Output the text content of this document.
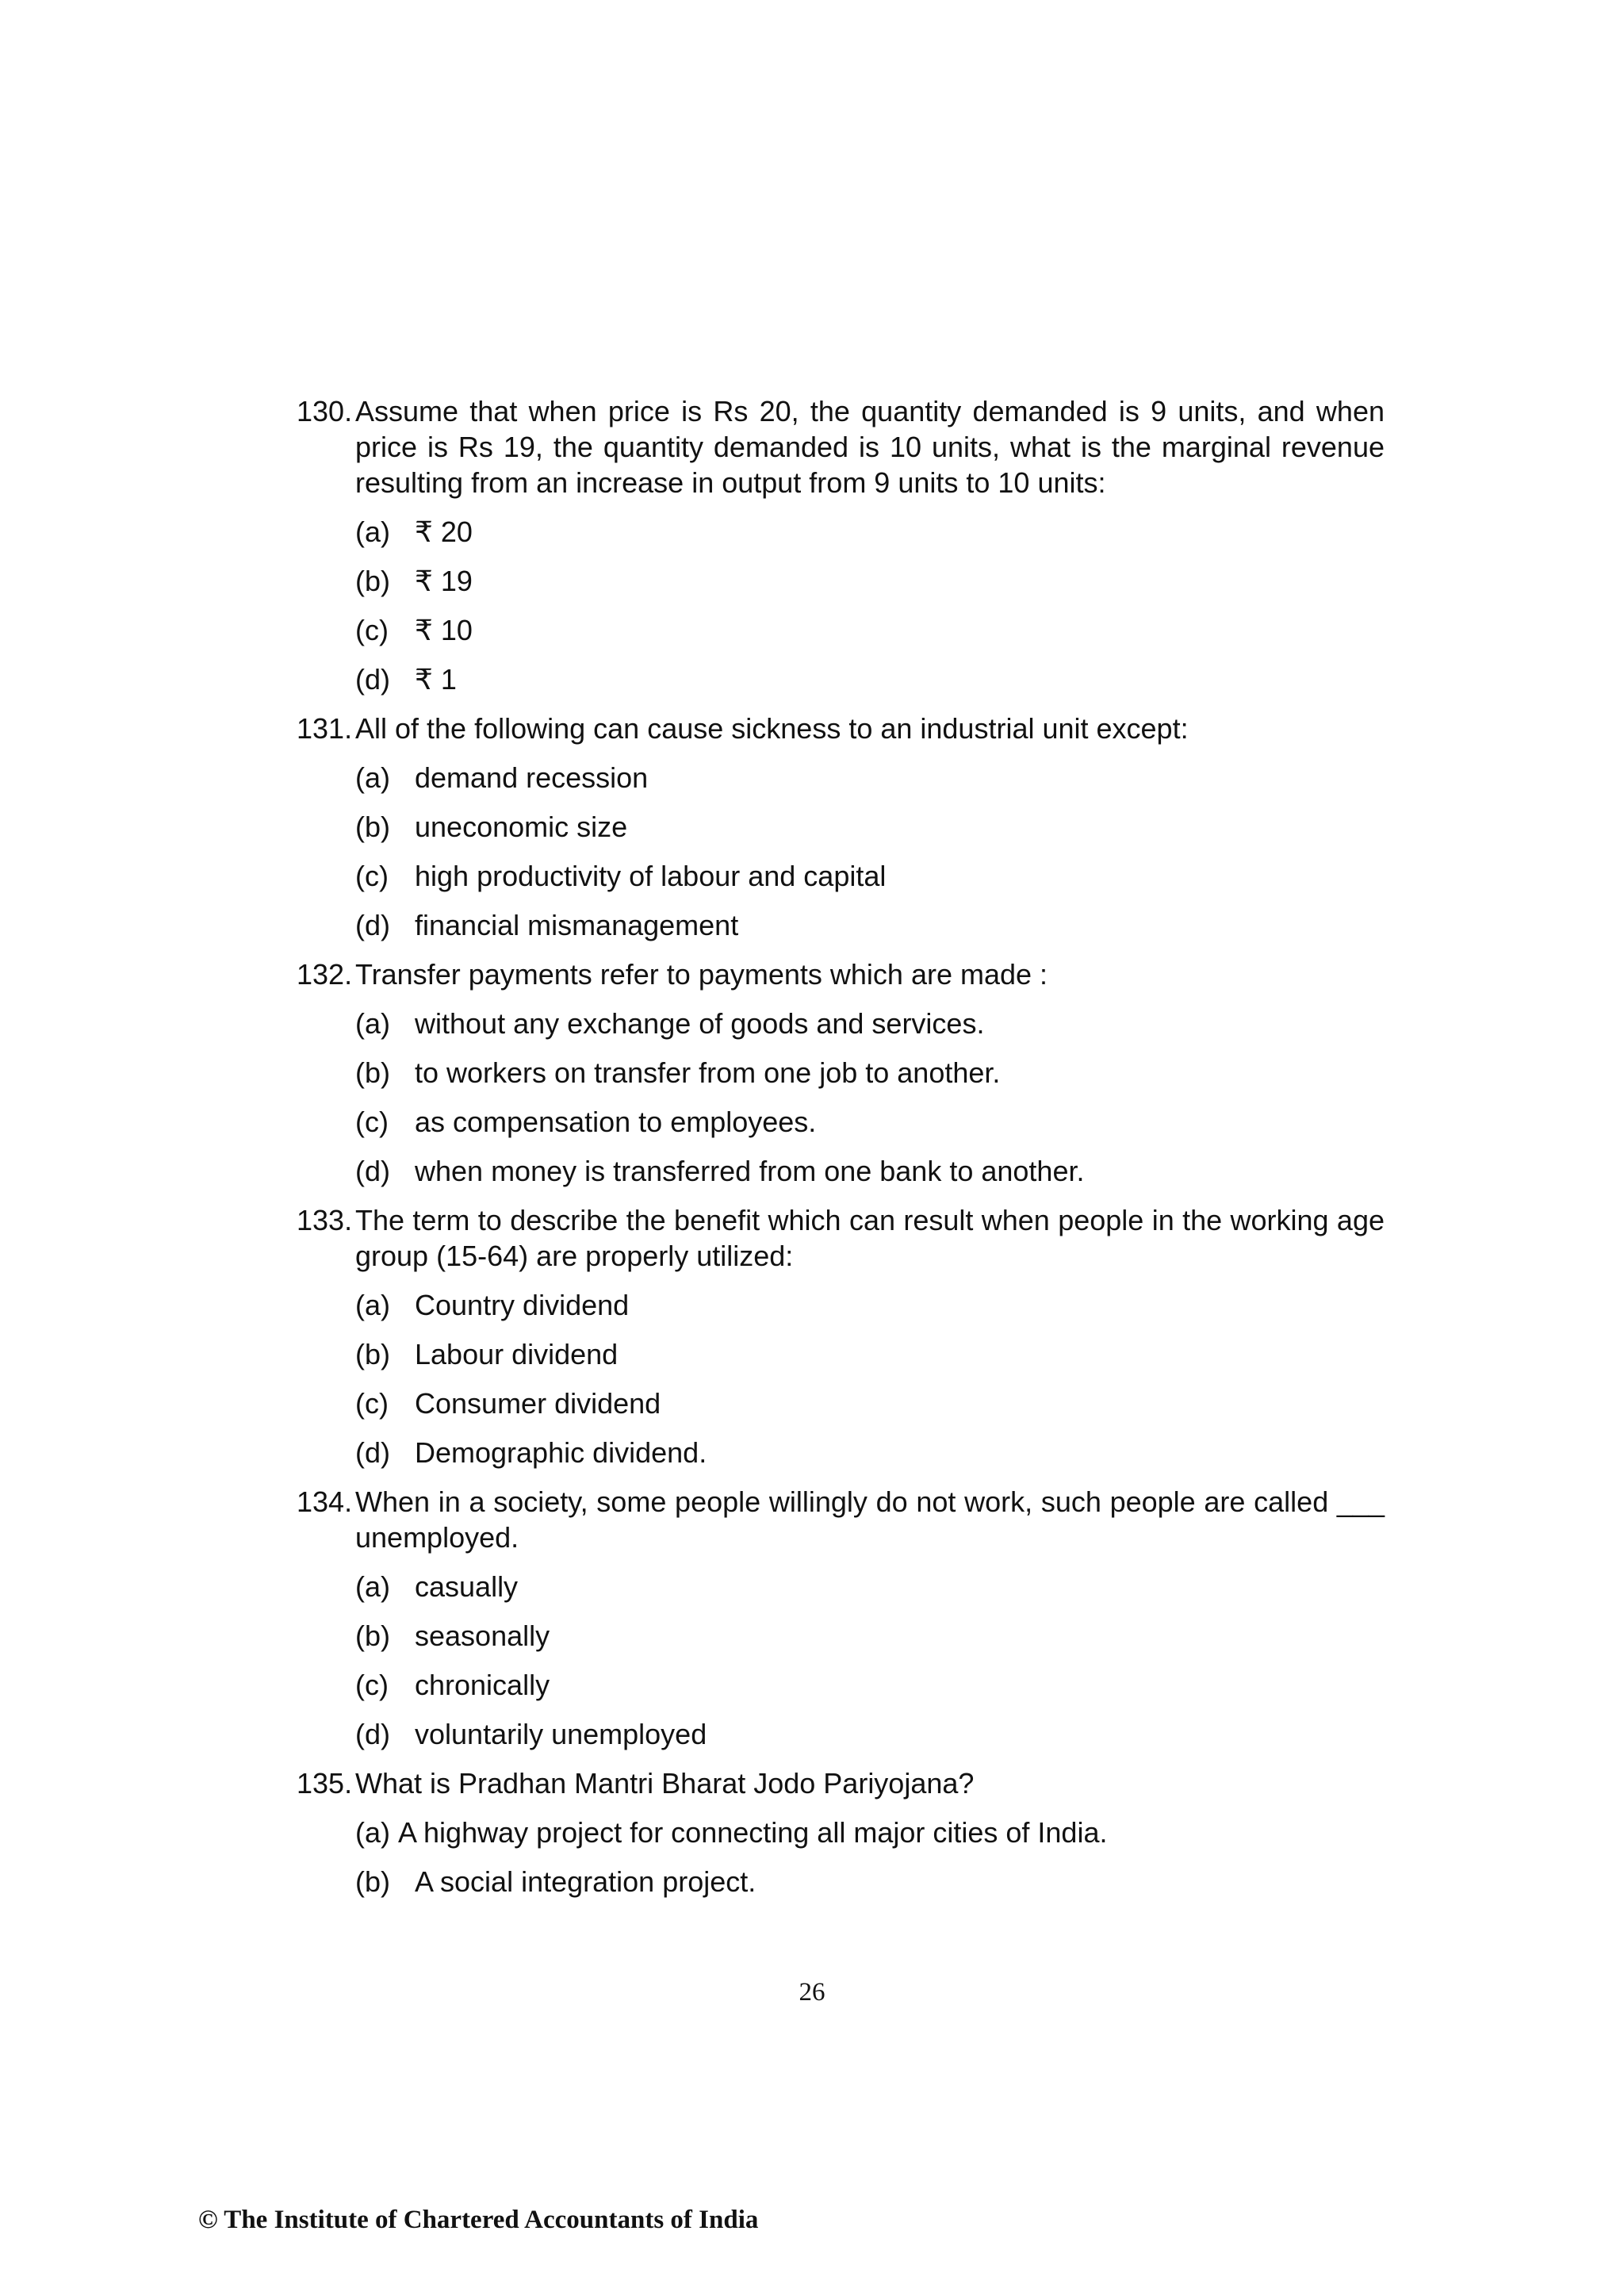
130. Assume that when price is Rs 20, the quantity demanded is 9 units, and when price is Rs 19, the quantity demanded is 10 units, what is the marginal revenue resulting from an increase in output from 9 units to 10 units:
(a) ₹ 20
(b) ₹ 19
(c) ₹ 10
(d) ₹ 1
131. All of the following can cause sickness to an industrial unit except:
(a) demand recession
(b) uneconomic size
(c) high productivity of labour and capital
(d) financial mismanagement
132. Transfer payments refer to payments which are made :
(a) without any exchange of goods and services.
(b) to workers on transfer from one job to another.
(c) as compensation to employees.
(d) when money is transferred from one bank to another.
133. The term to describe the benefit which can result when people in the working age group (15-64) are properly utilized:
(a) Country dividend
(b) Labour dividend
(c) Consumer dividend
(d) Demographic dividend.
134. When in a society, some people willingly do not work, such people are called ___ unemployed.
(a) casually
(b) seasonally
(c) chronically
(d) voluntarily unemployed
135. What is Pradhan Mantri Bharat Jodo Pariyojana?
(a) A highway project for connecting all major cities of India.
(b) A social integration project.
26
© The Institute of Chartered Accountants of India
